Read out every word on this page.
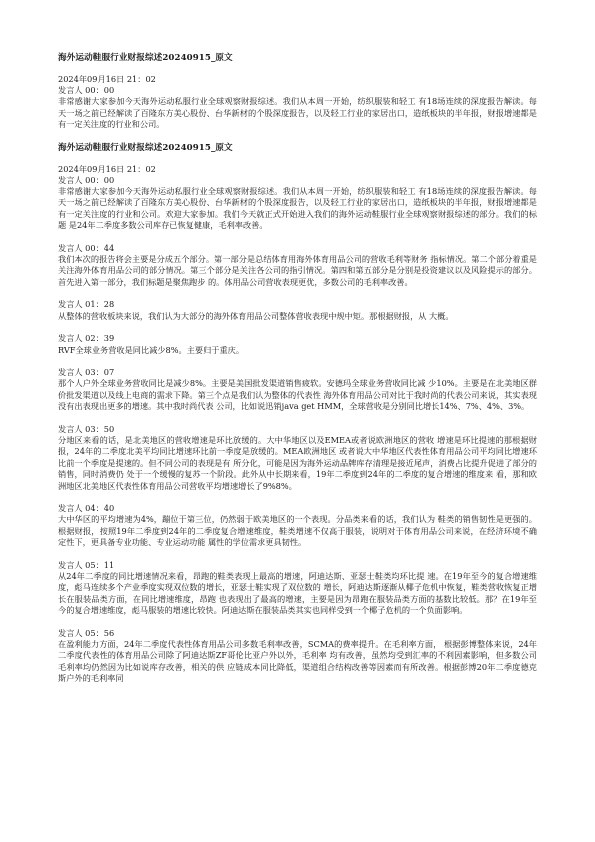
海外运动鞋服行业财报综述20240915_原文

2024年09月16日 21：02

发言人 00：00

非常感谢大家参加今天海外运动私服行业全球观察财报综述。我们从本周一开始，纺织服装和轻工 有18场连续的深度报告解读。每天一场之前已经解读了百隆东方美心股份、台华新材的个股深度报告，以及轻工行业的家居出口，造纸板块的半年报，财报增速都是有一定关注度的行业和公司。

海外运动鞋服行业财报综述20240915_原文

2024年09月16日 21：02

发言人 00：00

非常感谢大家参加今天海外运动私服行业全球观察财报综述。我们从本周一开始，纺织服装和轻工 有18场连续的深度报告解读。每天一场之前已经解读了百隆东方美心股份、台华新材的个股深度报告，以及轻工行业的家居出口，造纸板块的半年报，财报增速都是有一定关注度的行业和公司。欢迎大家参加。我们今天就正式开始进入我们的海外运动鞋服行业全球观察财报综述的部分。我们的标题 是24年二季度多数公司库存已恢复健康，毛利率改善。

发言人 00：44

我们本次的报告将会主要是分成五个部分。第一部分是总结体育用海外体育用品公司的营收毛利等财务 指标情况。第二个部分着重是关注海外体育用品公司的部分情况。第三个部分是关注各公司的指引情况。第四和第五部分是分别是投资建议以及风险提示的部分。首先进入第一部分，我们标题是聚焦跑步 的。体用品公司营收表现更优，多数公司的毛利率改善。

发言人 01：28

从整体的营收板块来说，我们认为大部分的海外体育用品公司整体营收表现中规中矩。那根据财报，从 大概。

发言人 02：39

RVF全球业务营收是同比减少8%。主要归于重庆。

发言人 03：07

那个人户外全球业务营收同比是减少8%。主要是美国批发渠道销售疲软。安德玛全球业务营收同比减 少10%。主要是在北美地区群价批发渠道以及线上电商的需求下降。第三个点是我们认为整体的代表性 海外体育用品公司对比于我时尚的代表公司来说，其实表现没有出表现出更多的增速。其中我时尚代表 公司，比如说迅销java get HMM，全球营收是分别同比增长14%、7%、4%、3%。

发言人 03：50

分地区来看的话，是北美地区的营收增速是环比放缓的。大中华地区以及EMEA或者说欧洲地区的营收 增速是环比提速的那根据财报，24年的二季度北美平均同比增速环比前一季度是放缓的。MEA欧洲地区 或者说大中华地区代表性体育用品公司平均同比增速环比前一个季度是提速的。但不同公司的表现是有 所分化，可能是因为海外运动品牌库存清理是接近尾声，消费占比提升促进了部分的销售，同时消费仍 处于一个缓慢的复苏一个阶段。此外从中长期来看，19年二季度到24年的二季度的复合增速的维度来 看，那和欧洲地区北美地区代表性体育用品公司营收平均增速增长了9%8%。

发言人 04：40

大中华区的平均增速为4%，蹦位于第三位，仍然弱于欧美地区的一个表现。分品类来看的话，我们认为 鞋类的销售韧性是更强的。根据财报，按照19年二季度到24年的二季度复合增速维度，鞋类增速不仅高于服装，说明对于体育用品公司来说，在经济环境不确定性下，更具备专业功能、专业运动功能 属性的学位需求更具韧性。

发言人 05：11

从24年二季度的同比增速情况来看，昂跑的鞋类表现上最高的增速，阿迪达斯、亚瑟士鞋类均环比提 速。在19年至今的复合增速维度，彪马连续多个产业季度实现双位数的增长，亚瑟士鞋实现了双位数的 增长，阿迪达斯逐渐从椰子危机中恢复，鞋类营收恢复正增长在服装品类方面，在同比增速维度，昂跑 也表现出了最高的增速，主要是因为昂跑在服装品类方面的基数比较低。那？在19年至今的复合增速维度，彪马服装的增速比较快。阿迪达斯在服装品类其实也同样受到一个椰子危机的一个负面影响。

发言人 05：56

在盈利能力方面，24年二季度代表性体育用品公司多数毛利率改善，SCMA的费率提升。在毛利率方面， 根据彭博整体来说，24年二季度代表性的体育用品公司除了阿迪达斯ZF哥伦比亚户外以外，毛利率 均有改善，虽然均受到汇率的不利因素影响，但多数公司毛利率均仍然因为比如说库存改善，相关的供 应链成本同比降低，渠道组合结构改善等因素而有所改善。根据彭博20年二季度德克斯户外的毛利率同
